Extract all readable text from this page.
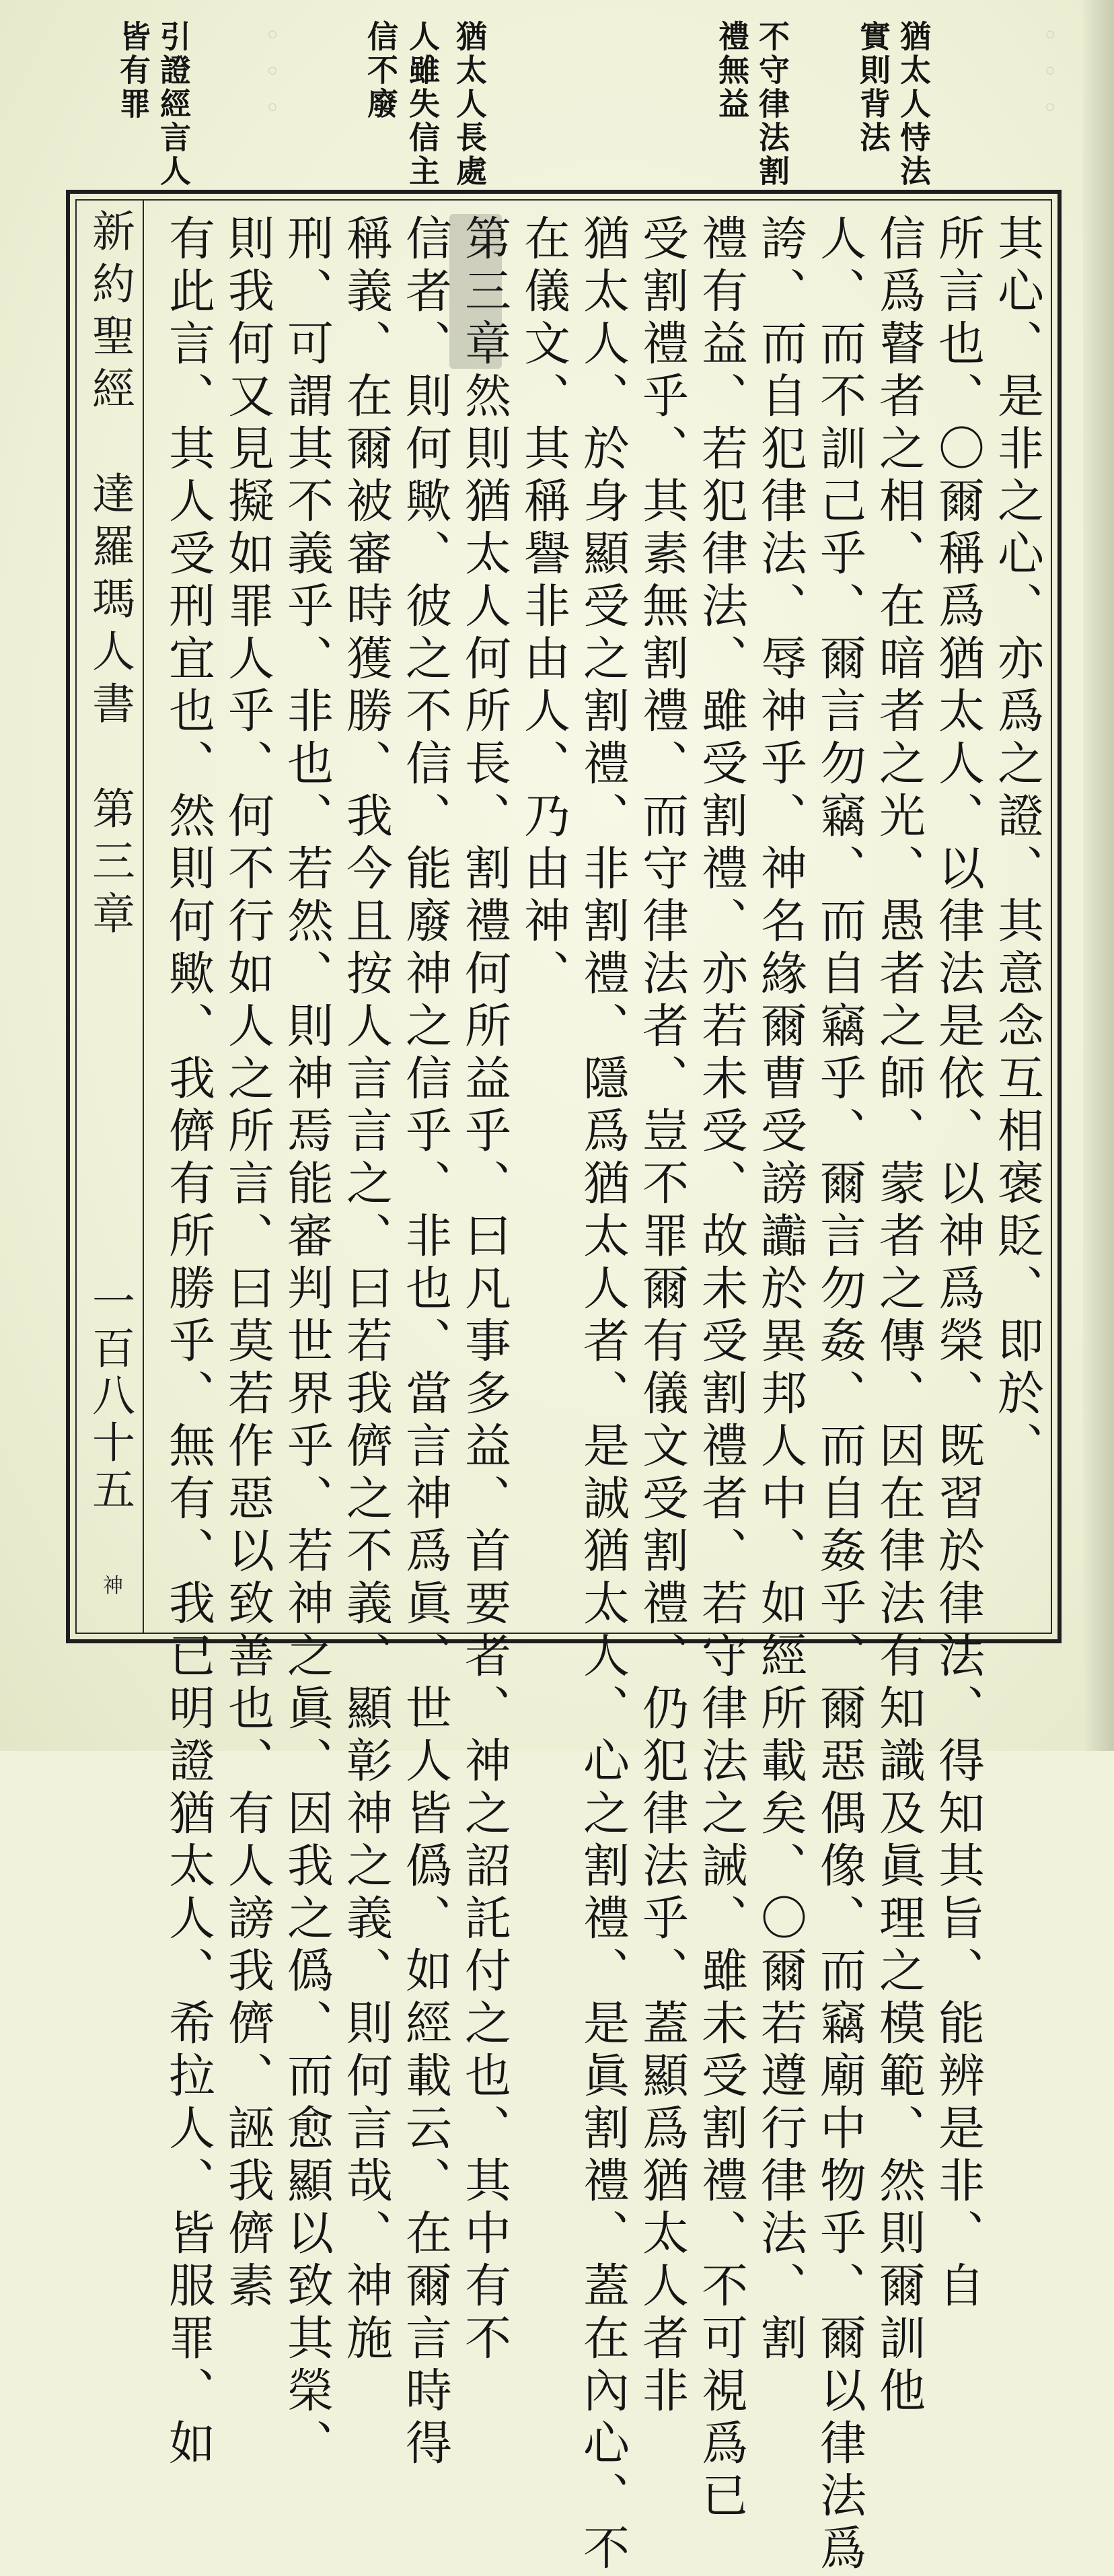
◦◦◦
◦◦◦	猶太人恃法
實則背法
不守律法割
禮無益
猶太人長處
人雖失信主
信不廢
引證經言人
皆有罪
新約聖經　達羅瑪人書　第三章
一百八十五
神
其心、是非之心、亦爲之證、其意念互相褒貶、即於、
所言也、〇爾稱爲猶太人、以律法是依、以神爲榮、既習於律法、得知其旨、能辨是非、自
信爲瞽者之相、在暗者之光、愚者之師、蒙者之傳、因在律法有知識及眞理之模範、然則爾訓他
人、而不訓己乎、爾言勿竊、而自竊乎、爾言勿姦、而自姦乎、爾惡偶像、而竊廟中物乎、爾以律法爲
誇、而自犯律法、辱神乎、神名緣爾曹受謗讟於異邦人中、如經所載矣、〇爾若遵行律法、割
禮有益、若犯律法、雖受割禮、亦若未受、故未受割禮者、若守律法之誡、雖未受割禮、不可視爲已
受割禮乎、其素無割禮、而守律法者、豈不罪爾有儀文受割禮、仍犯律法乎、蓋顯爲猶太人者非
猶太人、於身顯受之割禮、非割禮、隱爲猶太人者、是誠猶太人、心之割禮、是眞割禮、蓋在內心、不
在儀文、其稱譽非由人、乃由神、
第三章然則猶太人何所長、割禮何所益乎、曰凡事多益、首要者、神之詔託付之也、其中有不
信者、則何歟、彼之不信、能廢神之信乎、非也、當言神爲眞、世人皆僞、如經載云、在爾言時得
稱義、在爾被審時獲勝、我今且按人言言之、曰若我儕之不義、顯彰神之義、則何言哉、神施
刑、可謂其不義乎、非也、若然、則神焉能審判世界乎、若神之眞、因我之僞、而愈顯以致其榮、
則我何又見擬如罪人乎、何不行如人之所言、曰莫若作惡以致善也、有人謗我儕、誣我儕素
有此言、其人受刑宜也、然則何歟、我儕有所勝乎、無有、我已明證猶太人、希拉人、皆服罪、如
